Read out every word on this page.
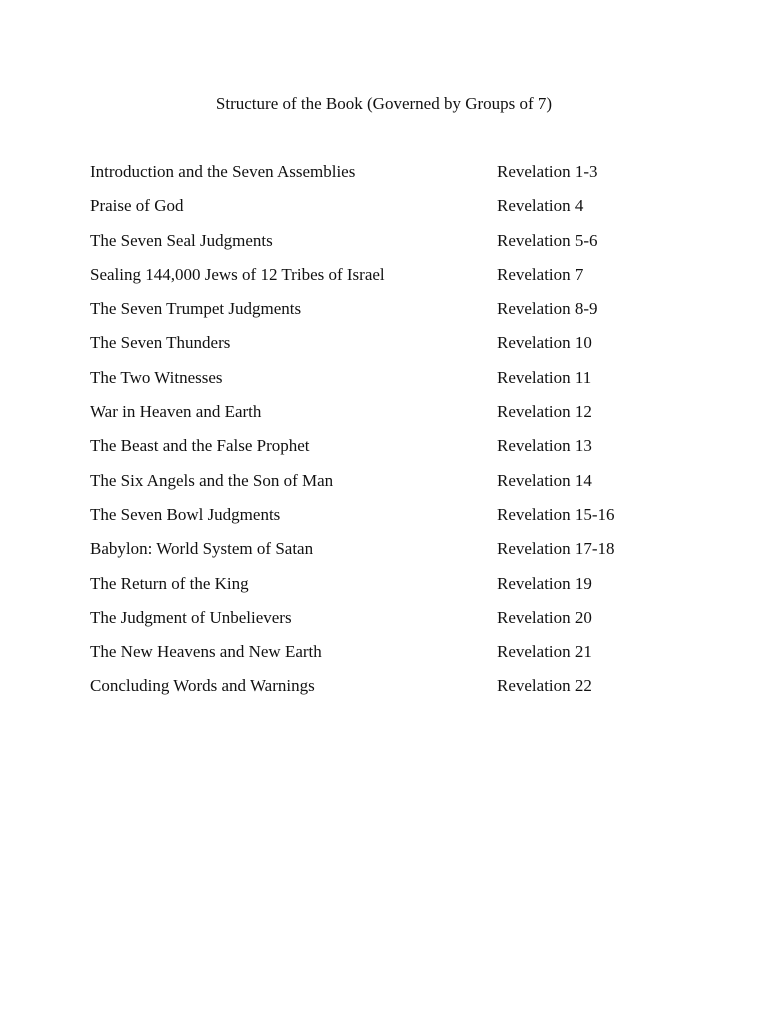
Structure of the Book (Governed by Groups of 7)
Introduction and the Seven Assemblies	Revelation 1-3
Praise of God	Revelation 4
The Seven Seal Judgments	Revelation 5-6
Sealing 144,000 Jews of 12 Tribes of Israel	Revelation 7
The Seven Trumpet Judgments	Revelation 8-9
The Seven Thunders	Revelation 10
The Two Witnesses	Revelation 11
War in Heaven and Earth	Revelation 12
The Beast and the False Prophet	Revelation 13
The Six Angels and the Son of Man	Revelation 14
The Seven Bowl Judgments	Revelation 15-16
Babylon: World System of Satan	Revelation 17-18
The Return of the King	Revelation 19
The Judgment of Unbelievers	Revelation 20
The New Heavens and New Earth	Revelation 21
Concluding Words and Warnings	Revelation 22
